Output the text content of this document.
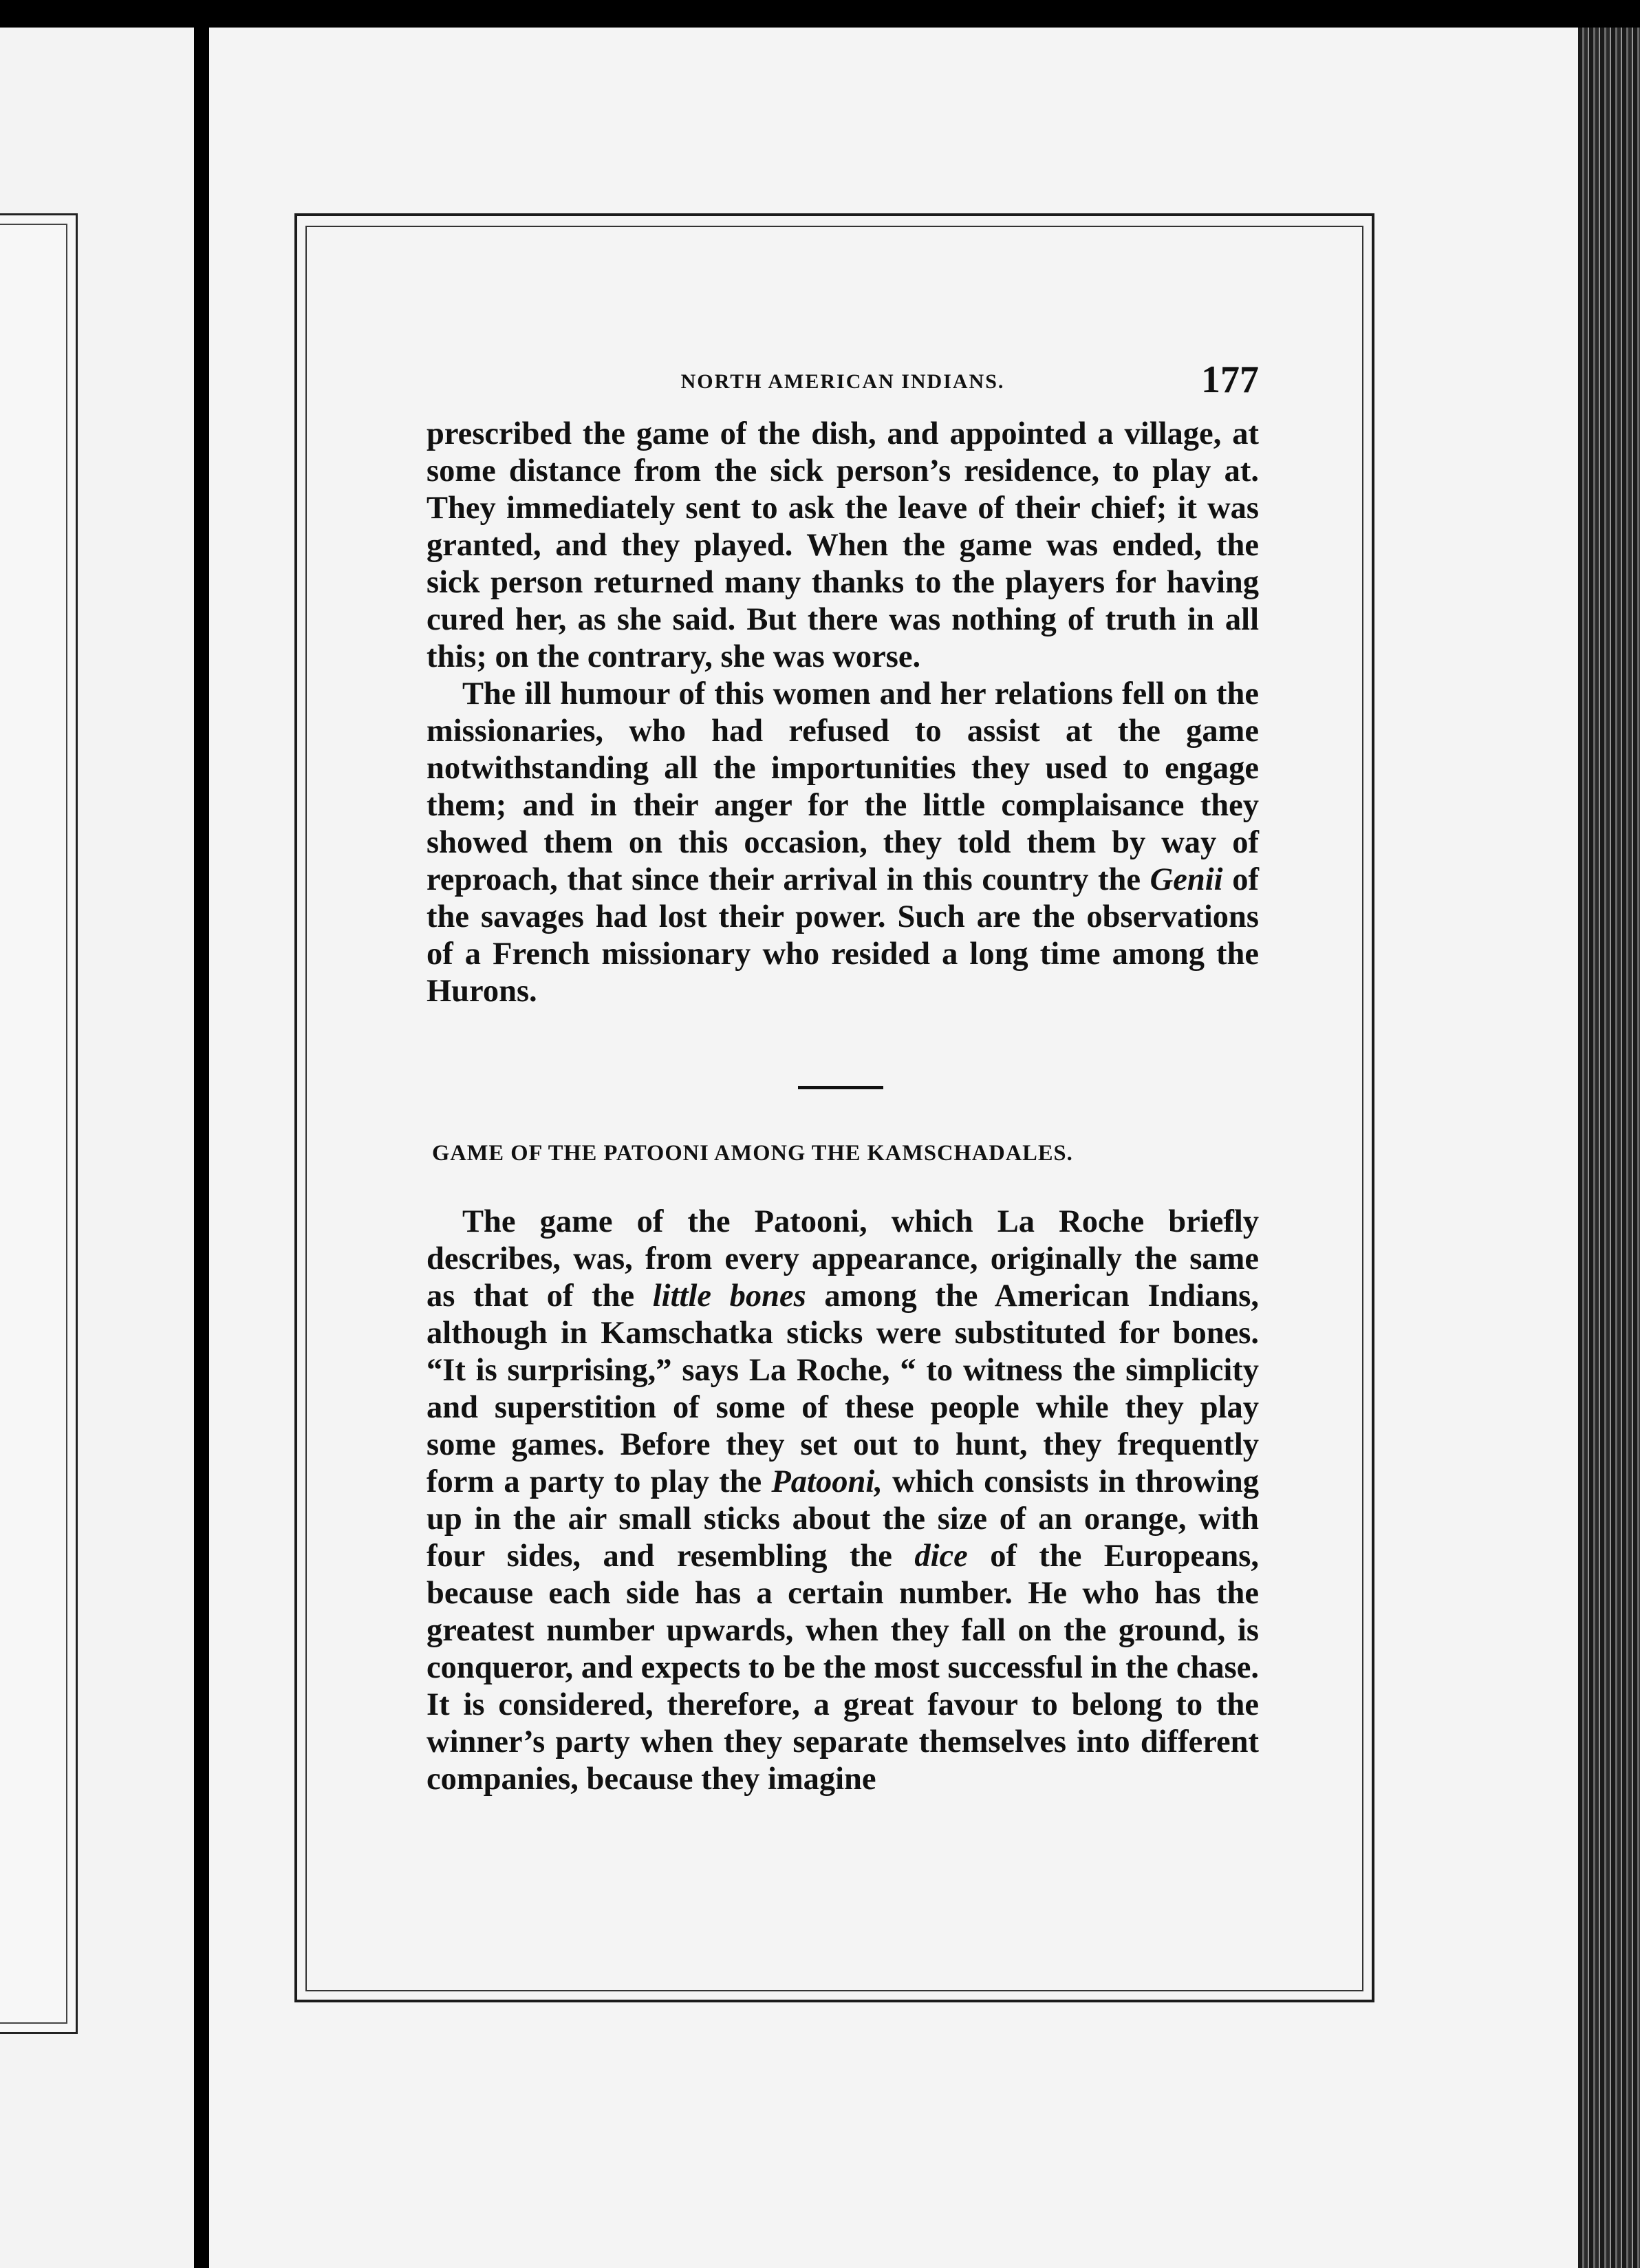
NORTH AMERICAN INDIANS.	177

prescribed the game of the dish, and appointed a village, at some distance from the sick person’s residence, to play at. They immediately sent to ask the leave of their chief; it was granted, and they played. When the game was ended, the sick person returned many thanks to the players for having cured her, as she said. But there was nothing of truth in all this; on the contrary, she was worse.

The ill humour of this women and her relations fell on the missionaries, who had refused to assist at the game notwithstanding all the importunities they used to engage them; and in their anger for the little complaisance they showed them on this occasion, they told them by way of reproach, that since their arrival in this country the Genii of the savages had lost their power. Such are the observations of a French missionary who resided a long time among the Hurons.

GAME OF THE PATOONI AMONG THE KAMSCHADALES.

The game of the Patooni, which La Roche briefly describes, was, from every appearance, originally the same as that of the little bones among the American Indians, although in Kamschatka sticks were substituted for bones. “It is surprising,” says La Roche, “ to witness the simplicity and superstition of some of these people while they play some games. Before they set out to hunt, they frequently form a party to play the Patooni, which consists in throwing up in the air small sticks about the size of an orange, with four sides, and resembling the dice of the Europeans, because each side has a certain number. He who has the greatest number upwards, when they fall on the ground, is conqueror, and expects to be the most successful in the chase. It is considered, therefore, a great favour to belong to the winner’s party when they separate themselves into different companies, because they imagine
